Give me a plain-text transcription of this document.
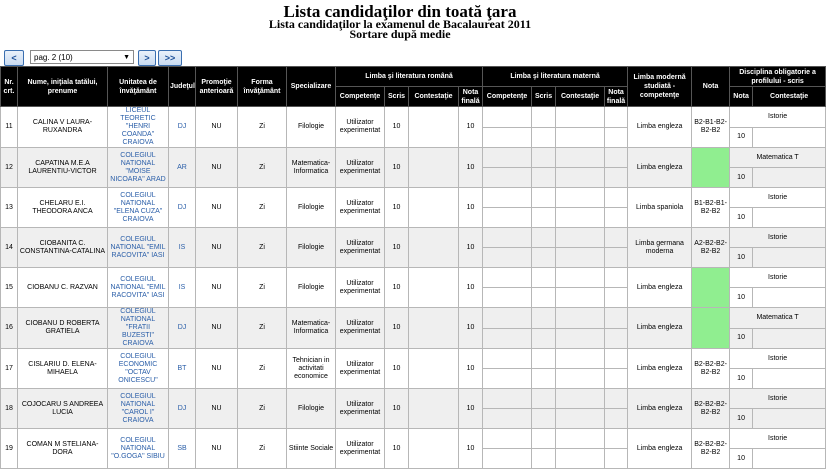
Lista candidaţilor din toată ţara
Lista candidaţilor la examenul de Bacalaureat 2011
Sortare după medie
<	pag. 2 (10)	▼	>	>>
Nr. crt.	Nume, iniţiala tatălui, prenume	Unitatea de învăţământ	Judeţul	Promoţie anterioară	Forma învăţământ	Specializare	Limba şi literatura română				Limba şi literatura maternă				Limba modernă studiată - competenţe	Nota	Disciplina obligatorie a profilului - scris	
							Competenţe	Scris	Contestaţie	Nota finală	Competenţe	Scris	Contestaţie	Nota finală			Nota	Contestaţie
11	CALINA V LAURA-RUXANDRA	LICEUL TEORETIC "HENRI COANDA" CRAIOVA	DJ	NU	Zi	Filologie	Utilizator experimentat	10		10					Limba engleza	B2-B1-B2-B2-B2	Istorie	
																	10	
12	CAPATINA M.E.A LAURENTIU-VICTOR	COLEGIUL NATIONAL "MOISE NICOARA" ARAD	AR	NU	Zi	Matematica-Informatica	Utilizator experimentat	10		10					Limba engleza		Matematica T	
																	10	
13	CHELARU E.I. THEODORA ANCA	COLEGIUL NATIONAL "ELENA CUZA" CRAIOVA	DJ	NU	Zi	Filologie	Utilizator experimentat	10		10					Limba spaniola	B1-B2-B1-B2-B2	Istorie	
																	10	
14	CIOBANITA C. CONSTANTINA-CATALINA	COLEGIUL NATIONAL "EMIL RACOVITA" IASI	IS	NU	Zi	Filologie	Utilizator experimentat	10		10					Limba germana moderna	A2-B2-B2-B2-B2	Istorie	
																	10	
15	CIOBANU C. RAZVAN	COLEGIUL NATIONAL "EMIL RACOVITA" IASI	IS	NU	Zi	Filologie	Utilizator experimentat	10		10					Limba engleza		Istorie	
																	10	
16	CIOBANU D ROBERTA GRATIELA	COLEGIUL NATIONAL "FRATII BUZESTI" CRAIOVA	DJ	NU	Zi	Matematica-Informatica	Utilizator experimentat	10		10					Limba engleza		Matematica T	
																	10	
17	CISLARIU D. ELENA-MIHAELA	COLEGIUL ECONOMIC "OCTAV ONICESCU"	BT	NU	Zi	Tehnician in activitati economice	Utilizator experimentat	10		10					Limba engleza	B2-B2-B2-B2-B2	Istorie	
																	10	
18	COJOCARU S ANDREEA LUCIA	COLEGIUL NATIONAL "CAROL I" CRAIOVA	DJ	NU	Zi	Filologie	Utilizator experimentat	10		10					Limba engleza	B2-B2-B2-B2-B2	Istorie	
																	10	
19	COMAN M STELIANA-DORA	COLEGIUL NATIONAL "O.GOGA" SIBIU	SB	NU	Zi	Stiinte Sociale	Utilizator experimentat	10		10					Limba engleza	B2-B2-B2-B2-B2	Istorie	
																	10	
